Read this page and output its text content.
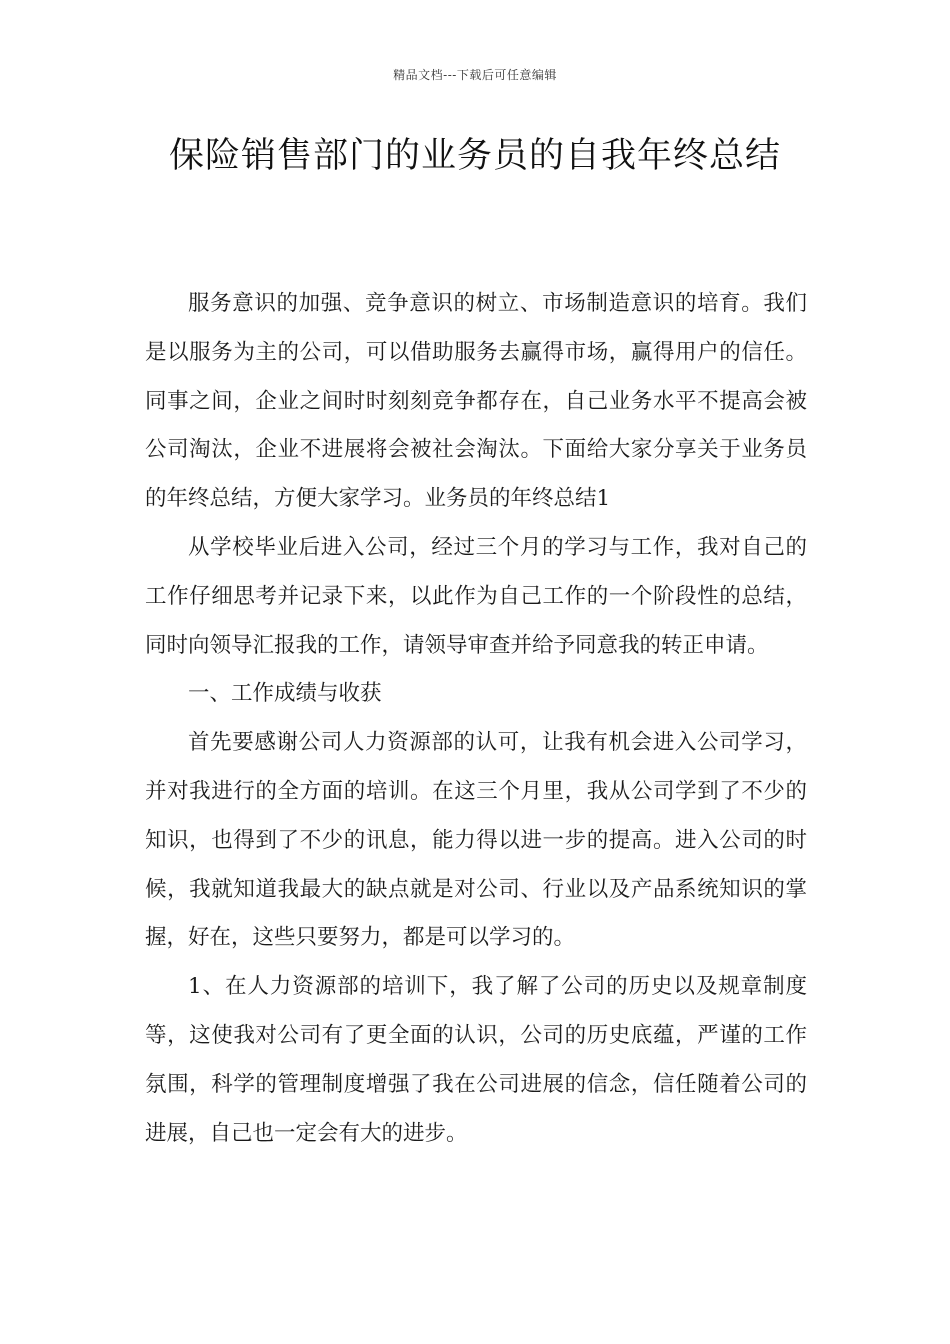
精品文档---下载后可任意编辑
保险销售部门的业务员的自我年终总结

服务意识的加强、竞争意识的树立、市场制造意识的培育。我们是以服务为主的公司，可以借助服务去赢得市场，赢得用户的信任。同事之间，企业之间时时刻刻竞争都存在，自己业务水平不提高会被公司淘汰，企业不进展将会被社会淘汰。下面给大家分享关于业务员的年终总结，方便大家学习。业务员的年终总结1

从学校毕业后进入公司，经过三个月的学习与工作，我对自己的工作仔细思考并记录下来，以此作为自己工作的一个阶段性的总结，同时向领导汇报我的工作，请领导审查并给予同意我的转正申请。

一、工作成绩与收获

首先要感谢公司人力资源部的认可，让我有机会进入公司学习，并对我进行的全方面的培训。在这三个月里，我从公司学到了不少的知识，也得到了不少的讯息，能力得以进一步的提高。进入公司的时候，我就知道我最大的缺点就是对公司、行业以及产品系统知识的掌握，好在，这些只要努力，都是可以学习的。

1、在人力资源部的培训下，我了解了公司的历史以及规章制度等，这使我对公司有了更全面的认识，公司的历史底蕴，严谨的工作氛围，科学的管理制度增强了我在公司进展的信念，信任随着公司的进展，自己也一定会有大的进步。
